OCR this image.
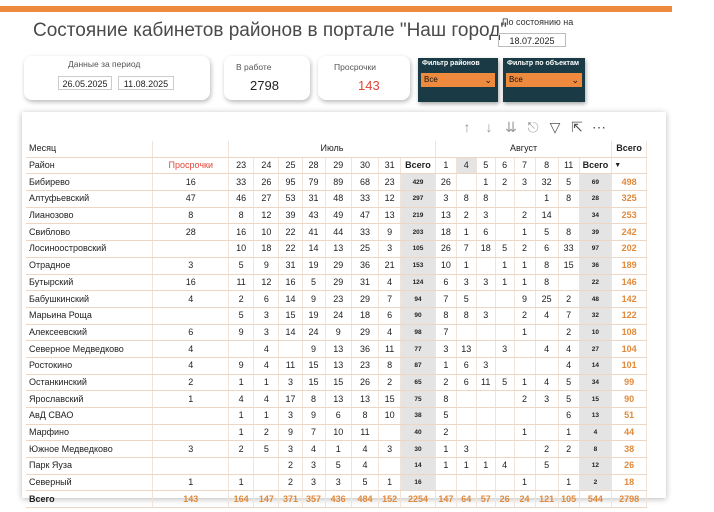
Состояние кабинетов районов в портале "Наш город"
По состоянию на
18.07.2025
Данные за период
26.05.2025	11.08.2025
В работе
2798
Просрочки
143
Фильтр районов
Все	⌄
Фильтр по объектам
Все	⌄
↑ ↓ ⇊ ⎋ ▽ ⇱ ⋯
Месяц		Июль								Август								Всего
Район	Просрочки	23	24	25	28	29	30	31	Всего	1	4	5	6	7	8	11	Всего	▼

Бибирево	16	33	26	95	79	89	68	23	429	26		1	2	3	32	5	69	498
Алтуфьевский	47	46	27	53	31	48	33	12	297	3	8	8			1	8	28	325
Лианозово	8	8	12	39	43	49	47	13	219	13	2	3		2	14		34	253
Свиблово	28	16	10	22	41	44	33	9	203	18	1	6		1	5	8	39	242
Лосиноостровский		10	18	22	14	13	25	3	105	26	7	18	5	2	6	33	97	202
Отрадное	3	5	9	31	19	29	36	21	153	10	1		1	1	8	15	36	189
Бутырский	16	11	12	16	5	29	31	4	124	6	3	3	1	1	8		22	146
Бабушкинский	4	2	6	14	9	23	29	7	94	7	5			9	25	2	48	142
Марьина Роща		5	3	15	19	24	18	6	90	8	8	3		2	4	7	32	122
Алексеевский	6	9	3	14	24	9	29	4	98	7				1		2	10	108
Северное Медведково	4		4		9	13	36	11	77	3	13		3		4	4	27	104
Ростокино	4	9	4	11	15	13	23	8	87	1	6	3				4	14	101
Останкинский	2	1	1	3	15	15	26	2	65	2	6	11	5	1	4	5	34	99
Ярославский	1	4	4	17	8	13	13	15	75	8				2	3	5	15	90
АвД СВАО		1	1	3	9	6	8	10	38	5						6	13	51
Марфино		1	2	9	7	10	11		40	2				1		1	4	44
Южное Медведково	3	2	5	3	4	1	4	3	30	1	3				2	2	8	38
Парк Яуза				2	3	5	4		14	1	1	1	4		5		12	26
Северный	1	1		2	3	3	5	1	16					1		1	2	18
Всего	143	164	147	371	357	436	484	152	2254	147	64	57	26	24	121	105	544	2798
